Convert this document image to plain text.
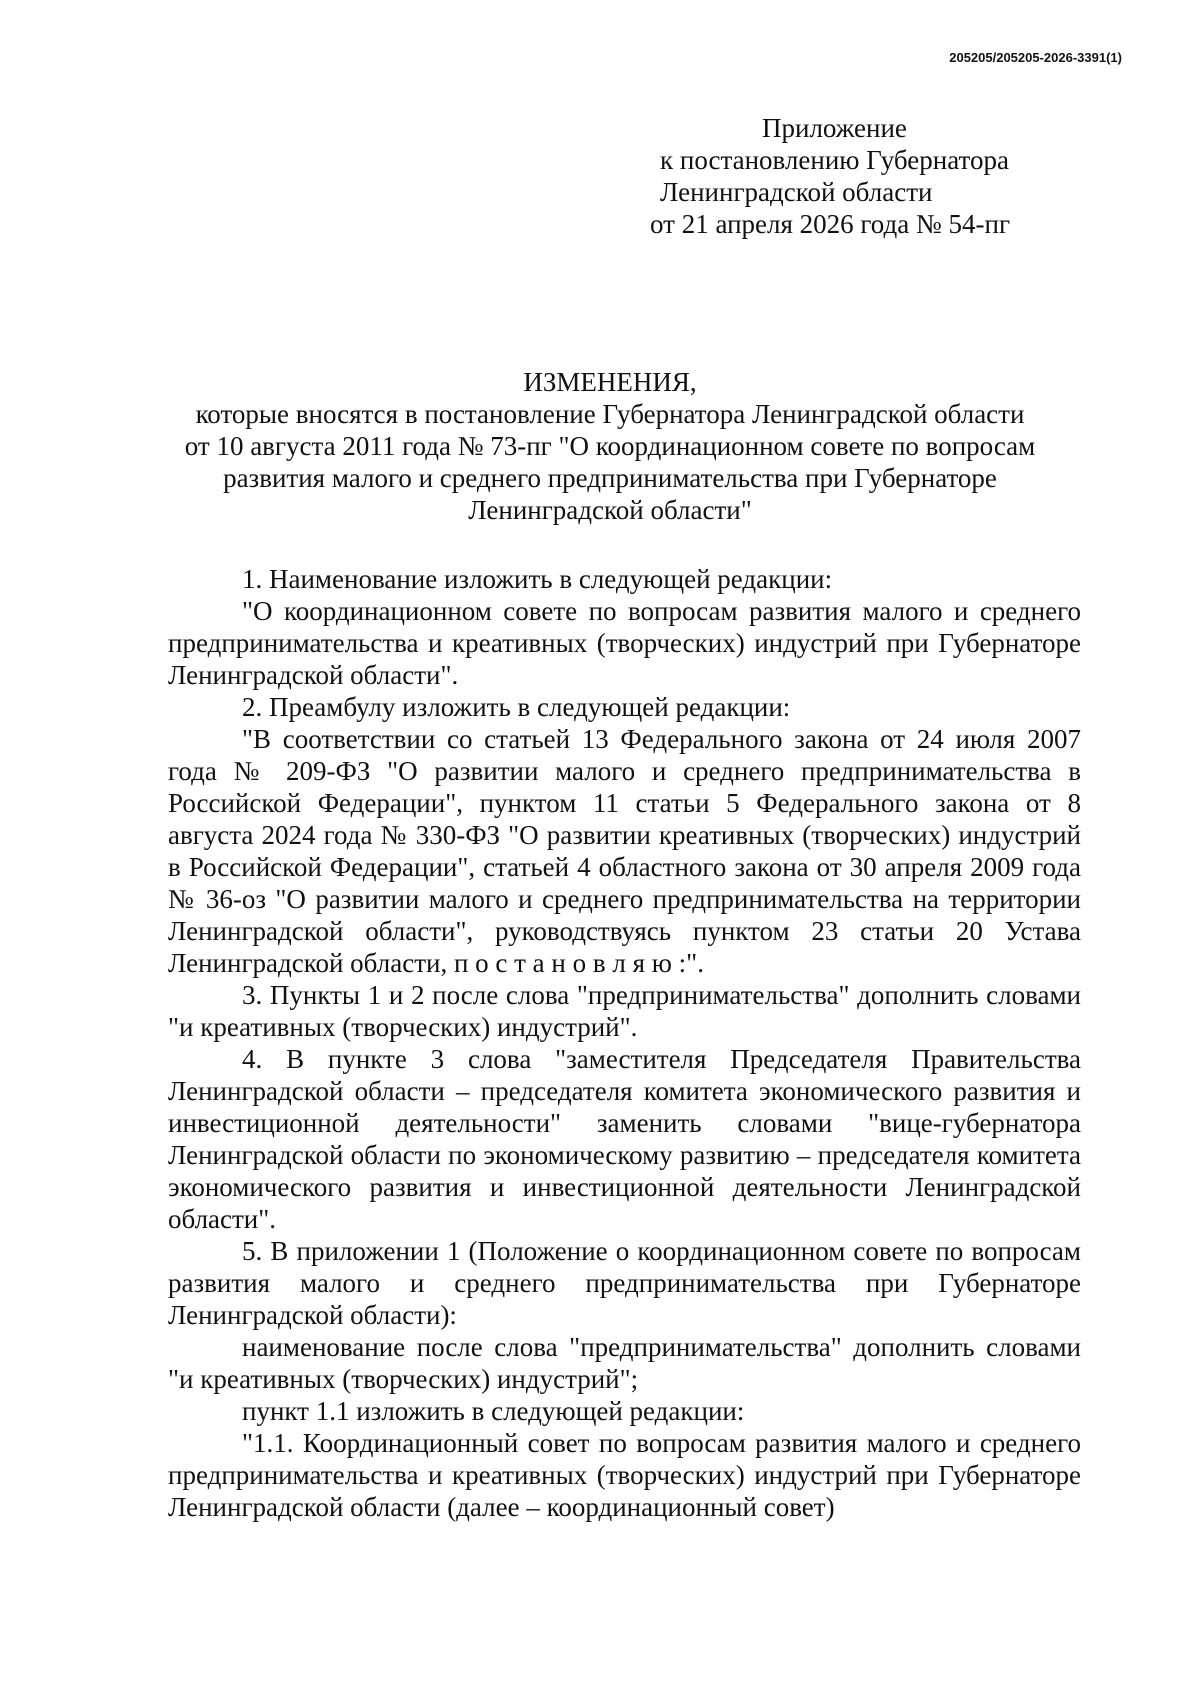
205205/205205-2026-3391(1)
Приложение
к постановлению Губернатора
Ленинградской области
от 21 апреля 2026 года № 54-пг
ИЗМЕНЕНИЯ,
которые вносятся в постановление Губернатора Ленинградской области
от 10 августа 2011 года № 73-пг "О координационном совете по вопросам
развития малого и среднего предпринимательства при Губернаторе
Ленинградской области"

1. Наименование изложить в следующей редакции:

"О координационном совете по вопросам развития малого и среднего предпринимательства и креативных (творческих) индустрий при Губернаторе Ленинградской области".

2. Преамбулу изложить в следующей редакции:

"В соответствии со статьей 13 Федерального закона от 24 июля 2007 года № 209-ФЗ "О развитии малого и среднего предпринимательства в Российской Федерации", пунктом 11 статьи 5 Федерального закона от 8 августа 2024 года № 330-ФЗ "О развитии креативных (творческих) индустрий в Российской Федерации", статьей 4 областного закона от 30 апреля 2009 года № 36-оз "О развитии малого и среднего предпринимательства на территории Ленинградской области", руководствуясь пунктом 23 статьи 20 Устава Ленинградской области, п о с т а н о в л я ю :".

3. Пункты 1 и 2 после слова "предпринимательства" дополнить словами "и креативных (творческих) индустрий".

4. В пункте 3 слова "заместителя Председателя Правительства Ленинградской области – председателя комитета экономического развития и инвестиционной деятельности" заменить словами "вице-губернатора Ленинградской области по экономическому развитию – председателя комитета экономического развития и инвестиционной деятельности Ленинградской области".

5. В приложении 1 (Положение о координационном совете по вопросам развития малого и среднего предпринимательства при Губернаторе Ленинградской области):

наименование после слова "предпринимательства" дополнить словами "и креативных (творческих) индустрий";

пункт 1.1 изложить в следующей редакции:

"1.1. Координационный совет по вопросам развития малого и среднего предпринимательства и креативных (творческих) индустрий при Губернаторе Ленинградской области (далее – координационный совет)
